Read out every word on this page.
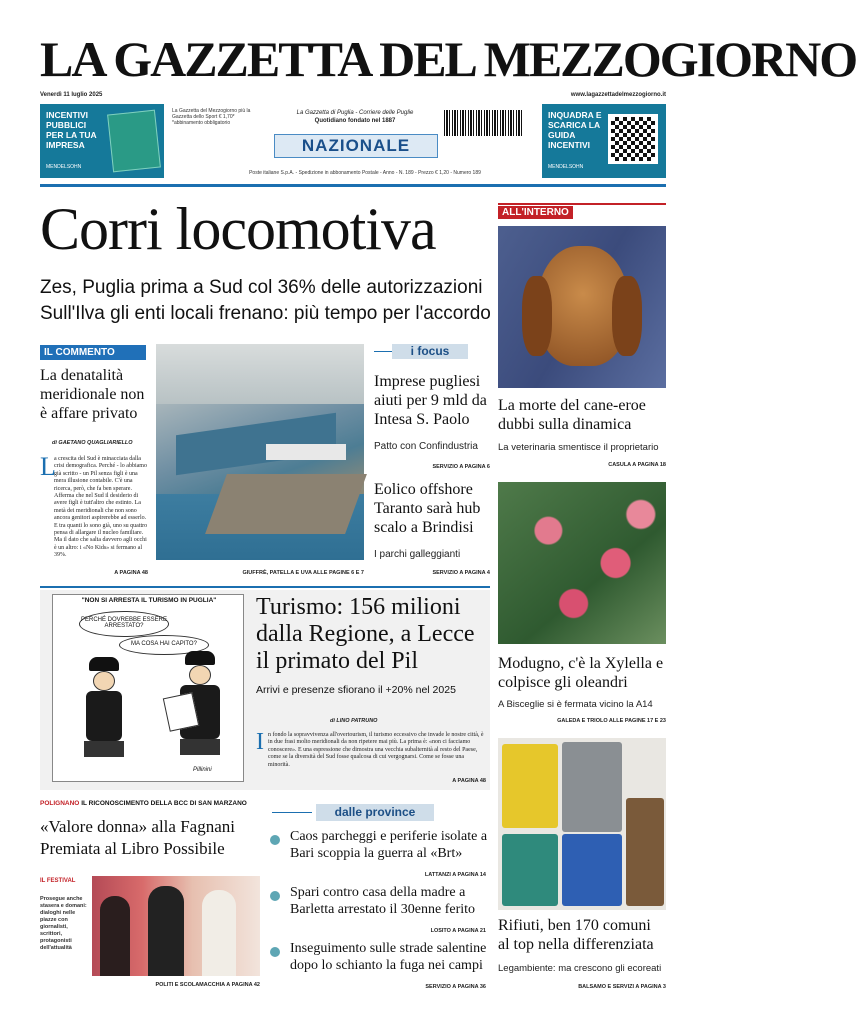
LA GAZZETTA DEL MEZZOGIORNO
Venerdì 11 luglio 2025	www.lagazzettadelmezzogiorno.it
INCENTIVI PUBBLICI PER LA TUA IMPRESA
MENDELSOHN
La Gazzetta del Mezzogiorno più la Gazzetta dello Sport € 1,70* *abbinamento obbligatorio
La Gazzetta di Puglia - Corriere delle Puglie
Quotidiano fondato nel 1887
NAZIONALE
Poste italiane S.p.A. - Spedizione in abbonamento Postale - Anno - N. 189 - Prezzo € 1,20 - Numero 189
INQUADRA E SCARICA LA GUIDA INCENTIVI
MENDELSOHN
Corri locomotiva
Zes, Puglia prima a Sud col 36% delle autorizzazioni
Sull'Ilva gli enti locali frenano: più tempo per l'accordo
IL COMMENTO
La denatalità meridionale non è affare privato
di GAETANO QUAGLIARIELLO
L
a crescita del Sud è minacciata dalla crisi demografica. Perché - lo abbiamo già scritto - un Pil senza figli è una mera illusione contabile. C'è una ricerca, però, che fa ben sperare. Afferma che nel Sud il desiderio di avere figli è tutt'altro che estinto. La metà dei meridionali che non sono ancora genitori aspirerebbe ad esserlo. E tra quanti lo sono già, uno su quattro pensa di allargare il nucleo familiare. Ma il dato che salta davvero agli occhi è un altro: i «No Kids» si fermano al 39%.
A PAGINA 48	GIUFFRÈ, PATELLA E UVA ALLE PAGINE 6 E 7
i focus
Imprese pugliesi aiuti per 9 mld da Intesa S. Paolo
Patto con Confindustria
SERVIZIO A PAGINA 6
Eolico offshore Taranto sarà hub scalo a Brindisi
I parchi galleggianti
SERVIZIO A PAGINA 4
ALL'INTERNO
La morte del cane-eroe dubbi sulla dinamica
La veterinaria smentisce il proprietario
CASULA A PAGINA 18
Modugno, c'è la Xylella e colpisce gli oleandri
A Bisceglie si è fermata vicino la A14
GALEDA E TRIOLO ALLE PAGINE 17 E 23
Rifiuti, ben 170 comuni al top nella differenziata
Legambiente: ma crescono gli ecoreati
BALSAMO E SERVIZI A PAGINA 3
"NON SI ARRESTA IL TURISMO IN PUGLIA"
PERCHÉ DOVREBBE ESSERE ARRESTATO?
MA COSA HAI CAPITO?
Pillinini
Turismo: 156 milioni dalla Regione, a Lecce il primato del Pil
Arrivi e presenze sfiorano il +20% nel 2025
di LINO PATRUNO
I n fondo la sopravvivenza all'overtourism, il turismo eccessivo che invade le nostre città, è in due frasi molto meridionali da non ripetere mai più. La prima è: «non ci facciamo conoscere». E una espressione che dimostra una vecchia subalternità al resto del Paese, come se la diversità del Sud fosse qualcosa di cui vergognarsi. Come se fosse una minorità.
A PAGINA 48
POLIGNANO IL RICONOSCIMENTO DELLA BCC DI SAN MARZANO
«Valore donna» alla Fagnani Premiata al Libro Possibile
IL FESTIVAL
Prosegue anche stasera e domani: dialoghi nelle piazze con giornalisti, scrittori, protagonisti dell'attualità
POLITI E SCOLAMACCHIA A PAGINA 42
dalle province
Caos parcheggi e periferie isolate a Bari scoppia la guerra al «Brt»
LATTANZI A PAGINA 14
Spari contro casa della madre a Barletta arrestato il 30enne ferito
LOSITO A PAGINA 21
Inseguimento sulle strade salentine dopo lo schianto la fuga nei campi
SERVIZIO A PAGINA 36
